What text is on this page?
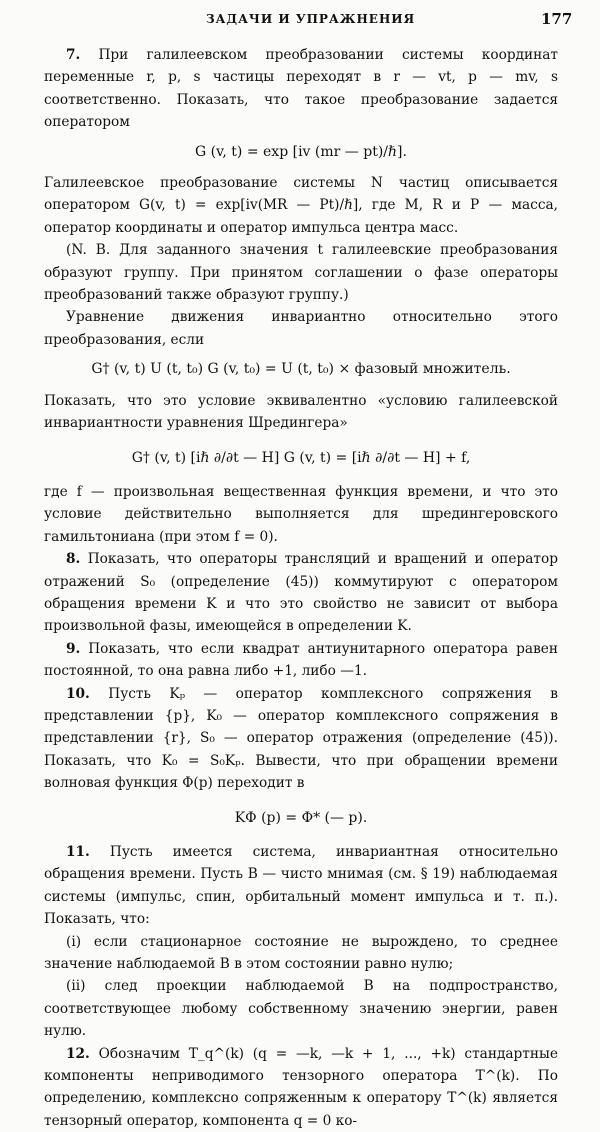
ЗАДАЧИ И УПРАЖНЕНИЯ	177

7. При галилеевском преобразовании системы координат переменные r, p, s частицы переходят в r — vt, p — mv, s соответственно. Показать, что такое преобразование задается оператором

G (v, t) = exp [iv (mr — pt)/ℏ].

Галилеевское преобразование системы N частиц описывается оператором G(v, t) = exp[iv(MR — Pt)/ℏ], где M, R и P — масса, оператор координаты и оператор импульса центра масс.

(N. B. Для заданного значения t галилеевские преобразования образуют группу. При принятом соглашении о фазе операторы преобразований также образуют группу.)

Уравнение движения инвариантно относительно этого преобразования, если

G† (v, t) U (t, t₀) G (v, t₀) = U (t, t₀) × фазовый множитель.

Показать, что это условие эквивалентно «условию галилеевской инвариантности уравнения Шредингера»

G† (v, t) [iℏ ∂/∂t — H] G (v, t) = [iℏ ∂/∂t — H] + f,

где f — произвольная вещественная функция времени, и что это условие действительно выполняется для шредингеровского гамильтониана (при этом f = 0).

8. Показать, что операторы трансляций и вращений и оператор отражений S₀ (определение (45)) коммутируют с оператором обращения времени K и что это свойство не зависит от выбора произвольной фазы, имеющейся в определении K.

9. Показать, что если квадрат антиунитарного оператора равен постоянной, то она равна либо +1, либо —1.

10. Пусть Kₚ — оператор комплексного сопряжения в представлении {p}, K₀ — оператор комплексного сопряжения в представлении {r}, S₀ — оператор отражения (определение (45)). Показать, что K₀ = S₀Kₚ. Вывести, что при обращении времени волновая функция Φ(p) переходит в

KΦ (p) = Φ* (— p).

11. Пусть имеется система, инвариантная относительно обращения времени. Пусть B — чисто мнимая (см. § 19) наблюдаемая системы (импульс, спин, орбитальный момент импульса и т. п.). Показать, что:

(i) если стационарное состояние не вырождено, то среднее значение наблюдаемой B в этом состоянии равно нулю;

(ii) след проекции наблюдаемой B на подпространство, соответствующее любому собственному значению энергии, равен нулю.

12. Обозначим T_q^(k) (q = —k, —k + 1, ..., +k) стандартные компоненты неприводимого тензорного оператора T^(k). По определению, комплексно сопряженным к оператору T^(k) является тензорный оператор, компонента q = 0 ко-
